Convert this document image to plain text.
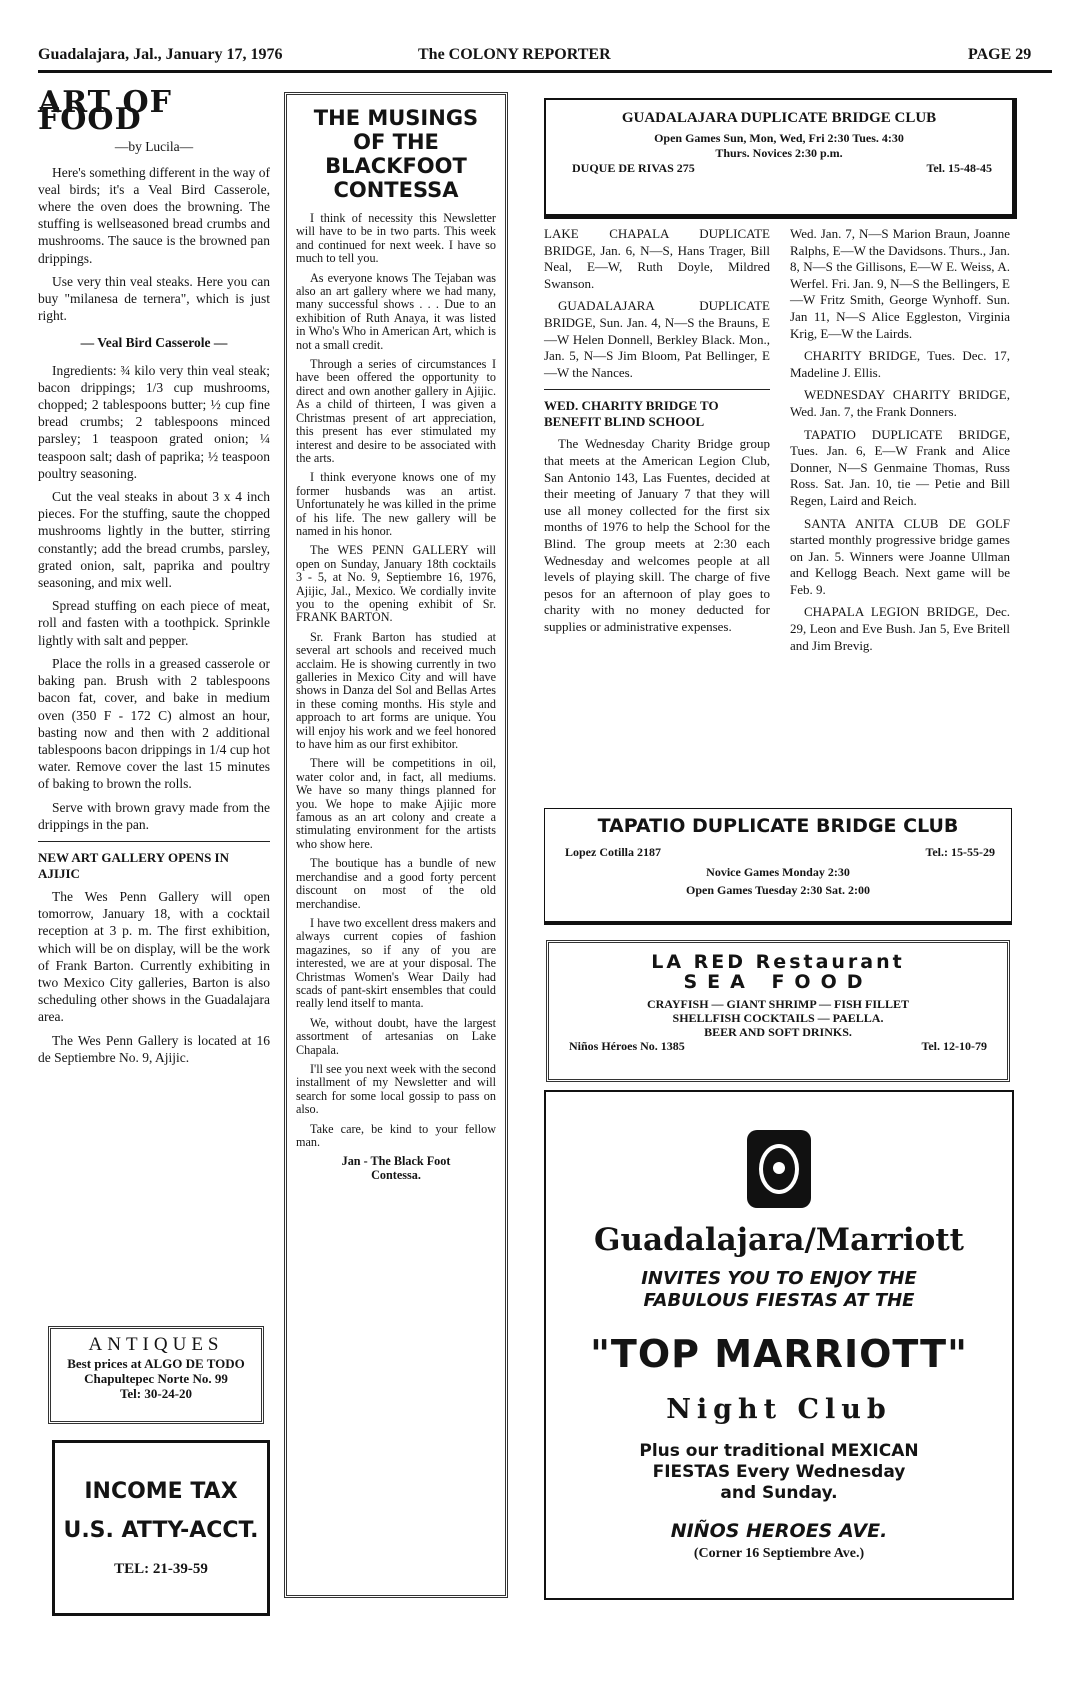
Guadalajara, Jal., January 17, 1976	The COLONY REPORTER	PAGE 29
ART OF FOOD
—by Lucila—

Here's something different in the way of veal birds; it's a Veal Bird Casserole, where the oven does the browning. The stuffing is wellseasoned bread crumbs and mushrooms. The sauce is the browned pan drippings.

Use very thin veal steaks. Here you can buy "milanesa de ternera", which is just right.

— Veal Bird Casserole —

Ingredients: ¾ kilo very thin veal steak; bacon drippings; 1/3 cup mushrooms, chopped; 2 tablespoons butter; ½ cup fine bread crumbs; 2 tablespoons minced parsley; 1 teaspoon grated onion; ¼ teaspoon salt; dash of paprika; ½ teaspoon poultry seasoning.

Cut the veal steaks in about 3 x 4 inch pieces. For the stuffing, saute the chopped mushrooms lightly in the butter, stirring constantly; add the bread crumbs, parsley, grated onion, salt, paprika and poultry seasoning, and mix well.

Spread stuffing on each piece of meat, roll and fasten with a toothpick. Sprinkle lightly with salt and pepper.

Place the rolls in a greased casserole or baking pan. Brush with 2 tablespoons bacon fat, cover, and bake in medium oven (350 F - 172 C) almost an hour, basting now and then with 2 additional tablespoons bacon drippings in 1/4 cup hot water. Remove cover the last 15 minutes of baking to brown the rolls.

Serve with brown gravy made from the drippings in the pan.

NEW ART GALLERY OPENS IN AJIJIC

The Wes Penn Gallery will open tomorrow, January 18, with a cocktail reception at 3 p. m. The first exhibition, which will be on display, will be the work of Frank Barton. Currently exhibiting in two Mexico City galleries, Barton is also scheduling other shows in the Guadalajara area.

The Wes Penn Gallery is located at 16 de Septiembre No. 9, Ajijic.

ANTIQUES
Best prices at ALGO DE TODO
Chapultepec Norte No. 99
Tel: 30-24-20
INCOME TAX
U.S. ATTY-ACCT.
TEL: 21-39-59
THE MUSINGS OF THE BLACKFOOT CONTESSA

I think of necessity this Newsletter will have to be in two parts. This week and continued for next week. I have so much to tell you.

As everyone knows The Tejaban was also an art gallery where we had many, many successful shows . . . Due to an exhibition of Ruth Anaya, it was listed in Who's Who in American Art, which is not a small credit.

Through a series of circumstances I have been offered the opportunity to direct and own another gallery in Ajijic. As a child of thirteen, I was given a Christmas present of art appreciation, this present has ever stimulated my interest and desire to be associated with the arts.

I think everyone knows one of my former husbands was an artist. Unfortunately he was killed in the prime of his life. The new gallery will be named in his honor.

The WES PENN GALLERY will open on Sunday, January 18th cocktails 3 - 5, at No. 9, Septiembre 16, 1976, Ajijic, Jal., Mexico. We cordially invite you to the opening exhibit of Sr. FRANK BARTON.

Sr. Frank Barton has studied at several art schools and received much acclaim. He is showing currently in two galleries in Mexico City and will have shows in Danza del Sol and Bellas Artes in these coming months. His style and approach to art forms are unique. You will enjoy his work and we feel honored to have him as our first exhibitor.

There will be competitions in oil, water color and, in fact, all mediums. We have so many things planned for you. We hope to make Ajijic more famous as an art colony and create a stimulating environment for the artists who show here.

The boutique has a bundle of new merchandise and a good forty percent discount on most of the old merchandise.

I have two excellent dress makers and always current copies of fashion magazines, so if any of you are interested, we are at your disposal. The Christmas Women's Wear Daily had scads of pant-skirt ensembles that could really lend itself to manta.

We, without doubt, have the largest assortment of artesanias on Lake Chapala.

I'll see you next week with the second installment of my Newsletter and will search for some local gossip to pass on also.

Take care, be kind to your fellow man.

Jan - The Black Foot
Contessa.
GUADALAJARA DUPLICATE BRIDGE CLUB
Open Games Sun, Mon, Wed, Fri 2:30 Tues. 4:30
Thurs. Novices 2:30 p.m.
DUQUE DE RIVAS 275	Tel. 15-48-45

LAKE CHAPALA DUPLICATE BRIDGE, Jan. 6, N—S, Hans Trager, Bill Neal, E—W, Ruth Doyle, Mildred Swanson.

GUADALAJARA DUPLICATE BRIDGE, Sun. Jan. 4, N—S the Brauns, E—W Helen Donnell, Berkley Black. Mon., Jan. 5, N—S Jim Bloom, Pat Bellinger, E—W the Nances.

WED. CHARITY BRIDGE TO BENEFIT BLIND SCHOOL

The Wednesday Charity Bridge group that meets at the American Legion Club, San Antonio 143, Las Fuentes, decided at their meeting of January 7 that they will use all money collected for the first six months of 1976 to help the School for the Blind. The group meets at 2:30 each Wednesday and welcomes people at all levels of playing skill. The charge of five pesos for an afternoon of play goes to charity with no money deducted for supplies or administrative expenses.

Wed. Jan. 7, N—S Marion Braun, Joanne Ralphs, E—W the Davidsons. Thurs., Jan. 8, N—S the Gillisons, E—W E. Weiss, A. Werfel. Fri. Jan. 9, N—S the Bellingers, E—W Fritz Smith, George Wynhoff. Sun. Jan 11, N—S Alice Eggleston, Virginia Krig, E—W the Lairds.

CHARITY BRIDGE, Tues. Dec. 17, Madeline J. Ellis.

WEDNESDAY CHARITY BRIDGE, Wed. Jan. 7, the Frank Donners.

TAPATIO DUPLICATE BRIDGE, Tues. Jan. 6, E—W Frank and Alice Donner, N—S Genmaine Thomas, Russ Ross. Sat. Jan. 10, tie — Petie and Bill Regen, Laird and Reich.

SANTA ANITA CLUB DE GOLF started monthly progressive bridge games on Jan. 5. Winners were Joanne Ullman and Kellogg Beach. Next game will be Feb. 9.

CHAPALA LEGION BRIDGE, Dec. 29, Leon and Eve Bush. Jan 5, Eve Britell and Jim Brevig.

TAPATIO DUPLICATE BRIDGE CLUB
Lopez Cotilla 2187	Tel.: 15-55-29
Novice Games Monday 2:30
Open Games Tuesday 2:30 Sat. 2:00
LA RED Restaurant
SEA FOOD
CRAYFISH — GIANT SHRIMP — FISH FILLET
SHELLFISH COCKTAILS — PAELLA.
BEER AND SOFT DRINKS.
Niños Héroes No. 1385	Tel. 12-10-79
Guadalajara/Marriott
INVITES YOU TO ENJOY THE FABULOUS FIESTAS AT THE
"TOP MARRIOTT"
Night Club
Plus our traditional MEXICAN FIESTAS Every Wednesday and Sunday.
NIÑOS HEROES AVE.
(Corner 16 Septiembre Ave.)
